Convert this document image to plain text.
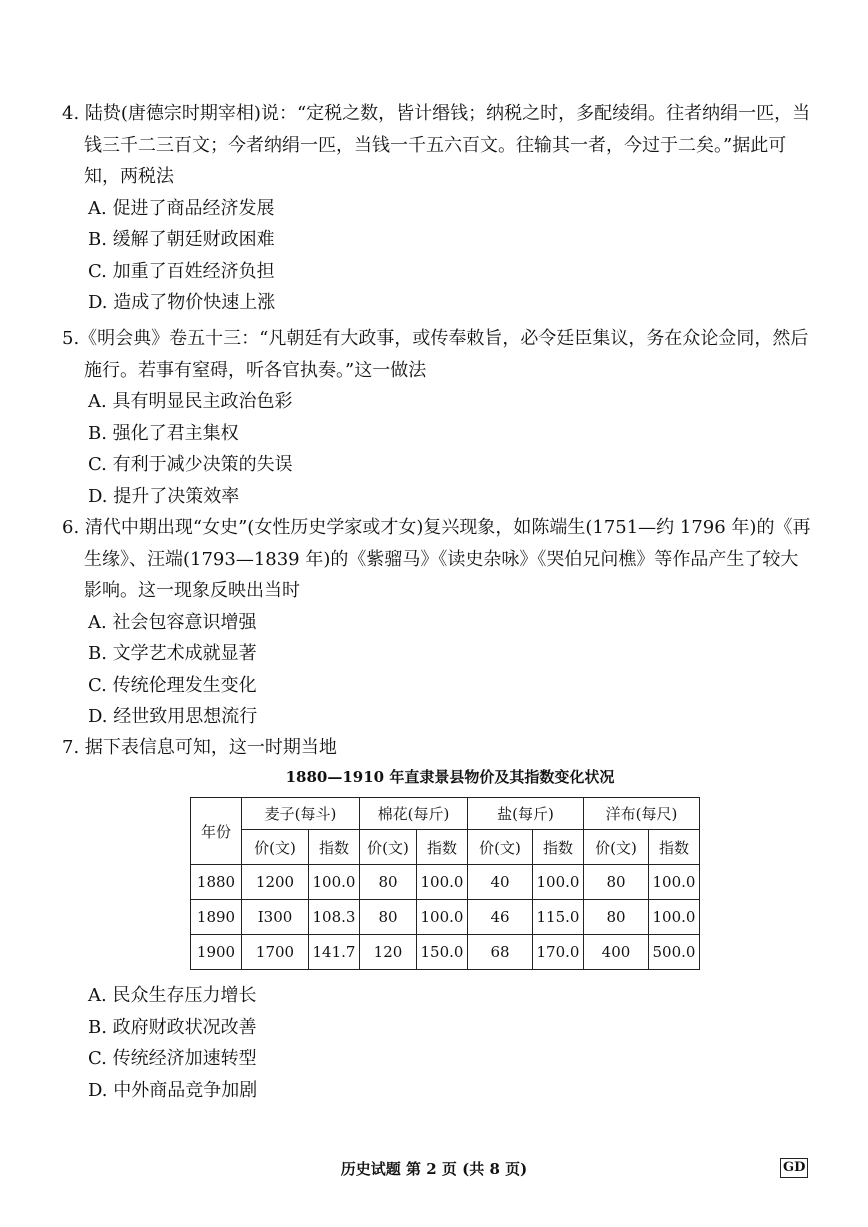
4. 陆贽(唐德宗时期宰相)说：“定税之数，皆计缗钱；纳税之时，多配绫绢。往者纳绢一匹，当钱三千二三百文；今者纳绢一匹，当钱一千五六百文。往输其一者，今过于二矣。”据此可知，两税法

A. 促进了商品经济发展
B. 缓解了朝廷财政困难
C. 加重了百姓经济负担
D. 造成了物价快速上涨

5.《明会典》卷五十三：“凡朝廷有大政事，或传奉敕旨，必令廷臣集议，务在众论佥同，然后施行。若事有窒碍，听各官执奏。”这一做法

A. 具有明显民主政治色彩
B. 强化了君主集权
C. 有利于减少决策的失误
D. 提升了决策效率

6. 清代中期出现“女史”(女性历史学家或才女)复兴现象，如陈端生(1751—约 1796 年)的《再生缘》、汪端(1793—1839 年)的《紫骝马》《读史杂咏》《哭伯兄问樵》等作品产生了较大影响。这一现象反映出当时

A. 社会包容意识增强
B. 文学艺术成就显著
C. 传统伦理发生变化
D. 经世致用思想流行

7. 据下表信息可知，这一时期当地

1880—1910 年直隶景县物价及其指数变化状况
年份	麦子(每斗)		棉花(每斤)		盐(每斤)		洋布(每尺)	
	价(文)	指数	价(文)	指数	价(文)	指数	价(文)	指数
1880	1200	100.0	80	100.0	40	100.0	80	100.0
1890	I300	108.3	80	100.0	46	115.0	80	100.0
1900	1700	141.7	120	150.0	68	170.0	400	500.0
A. 民众生存压力增长
B. 政府财政状况改善
C. 传统经济加速转型
D. 中外商品竞争加剧
历史试题 第 2 页 (共 8 页)	GD
